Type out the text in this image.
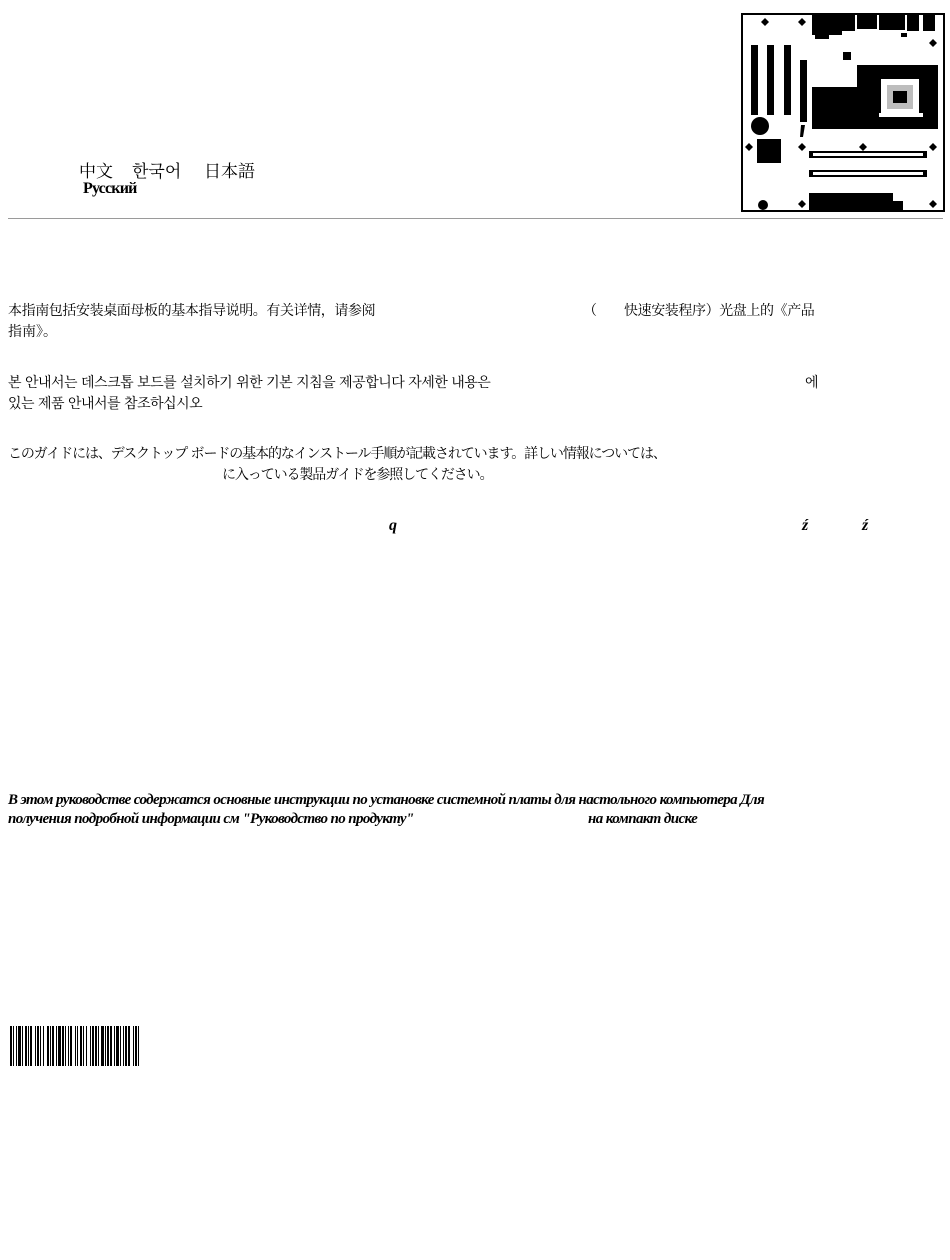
中文 한국어 日本語
Русский
本指南包括安装桌面母板的基本指导说明。有关详情，请参阅	（ 快速安装程序）光盘上的《产品
指南》。
본 안내서는 데스크톱 보드를 설치하기 위한 기본 지침을 제공합니다 자세한 내용은	에
있는 제품 안내서를 참조하십시오
このガイドには、デスクトップ ボードの基本的なインストール手順が記載されています。詳しい情報については、
に入っている製品ガイドを参照してください。
q	ź	ź
В этом руководстве содержатся основные инструкции по установке системной платы для настольного компьютера Для
получения подробной информации см "Руководство по продукту"	на компакт диске
